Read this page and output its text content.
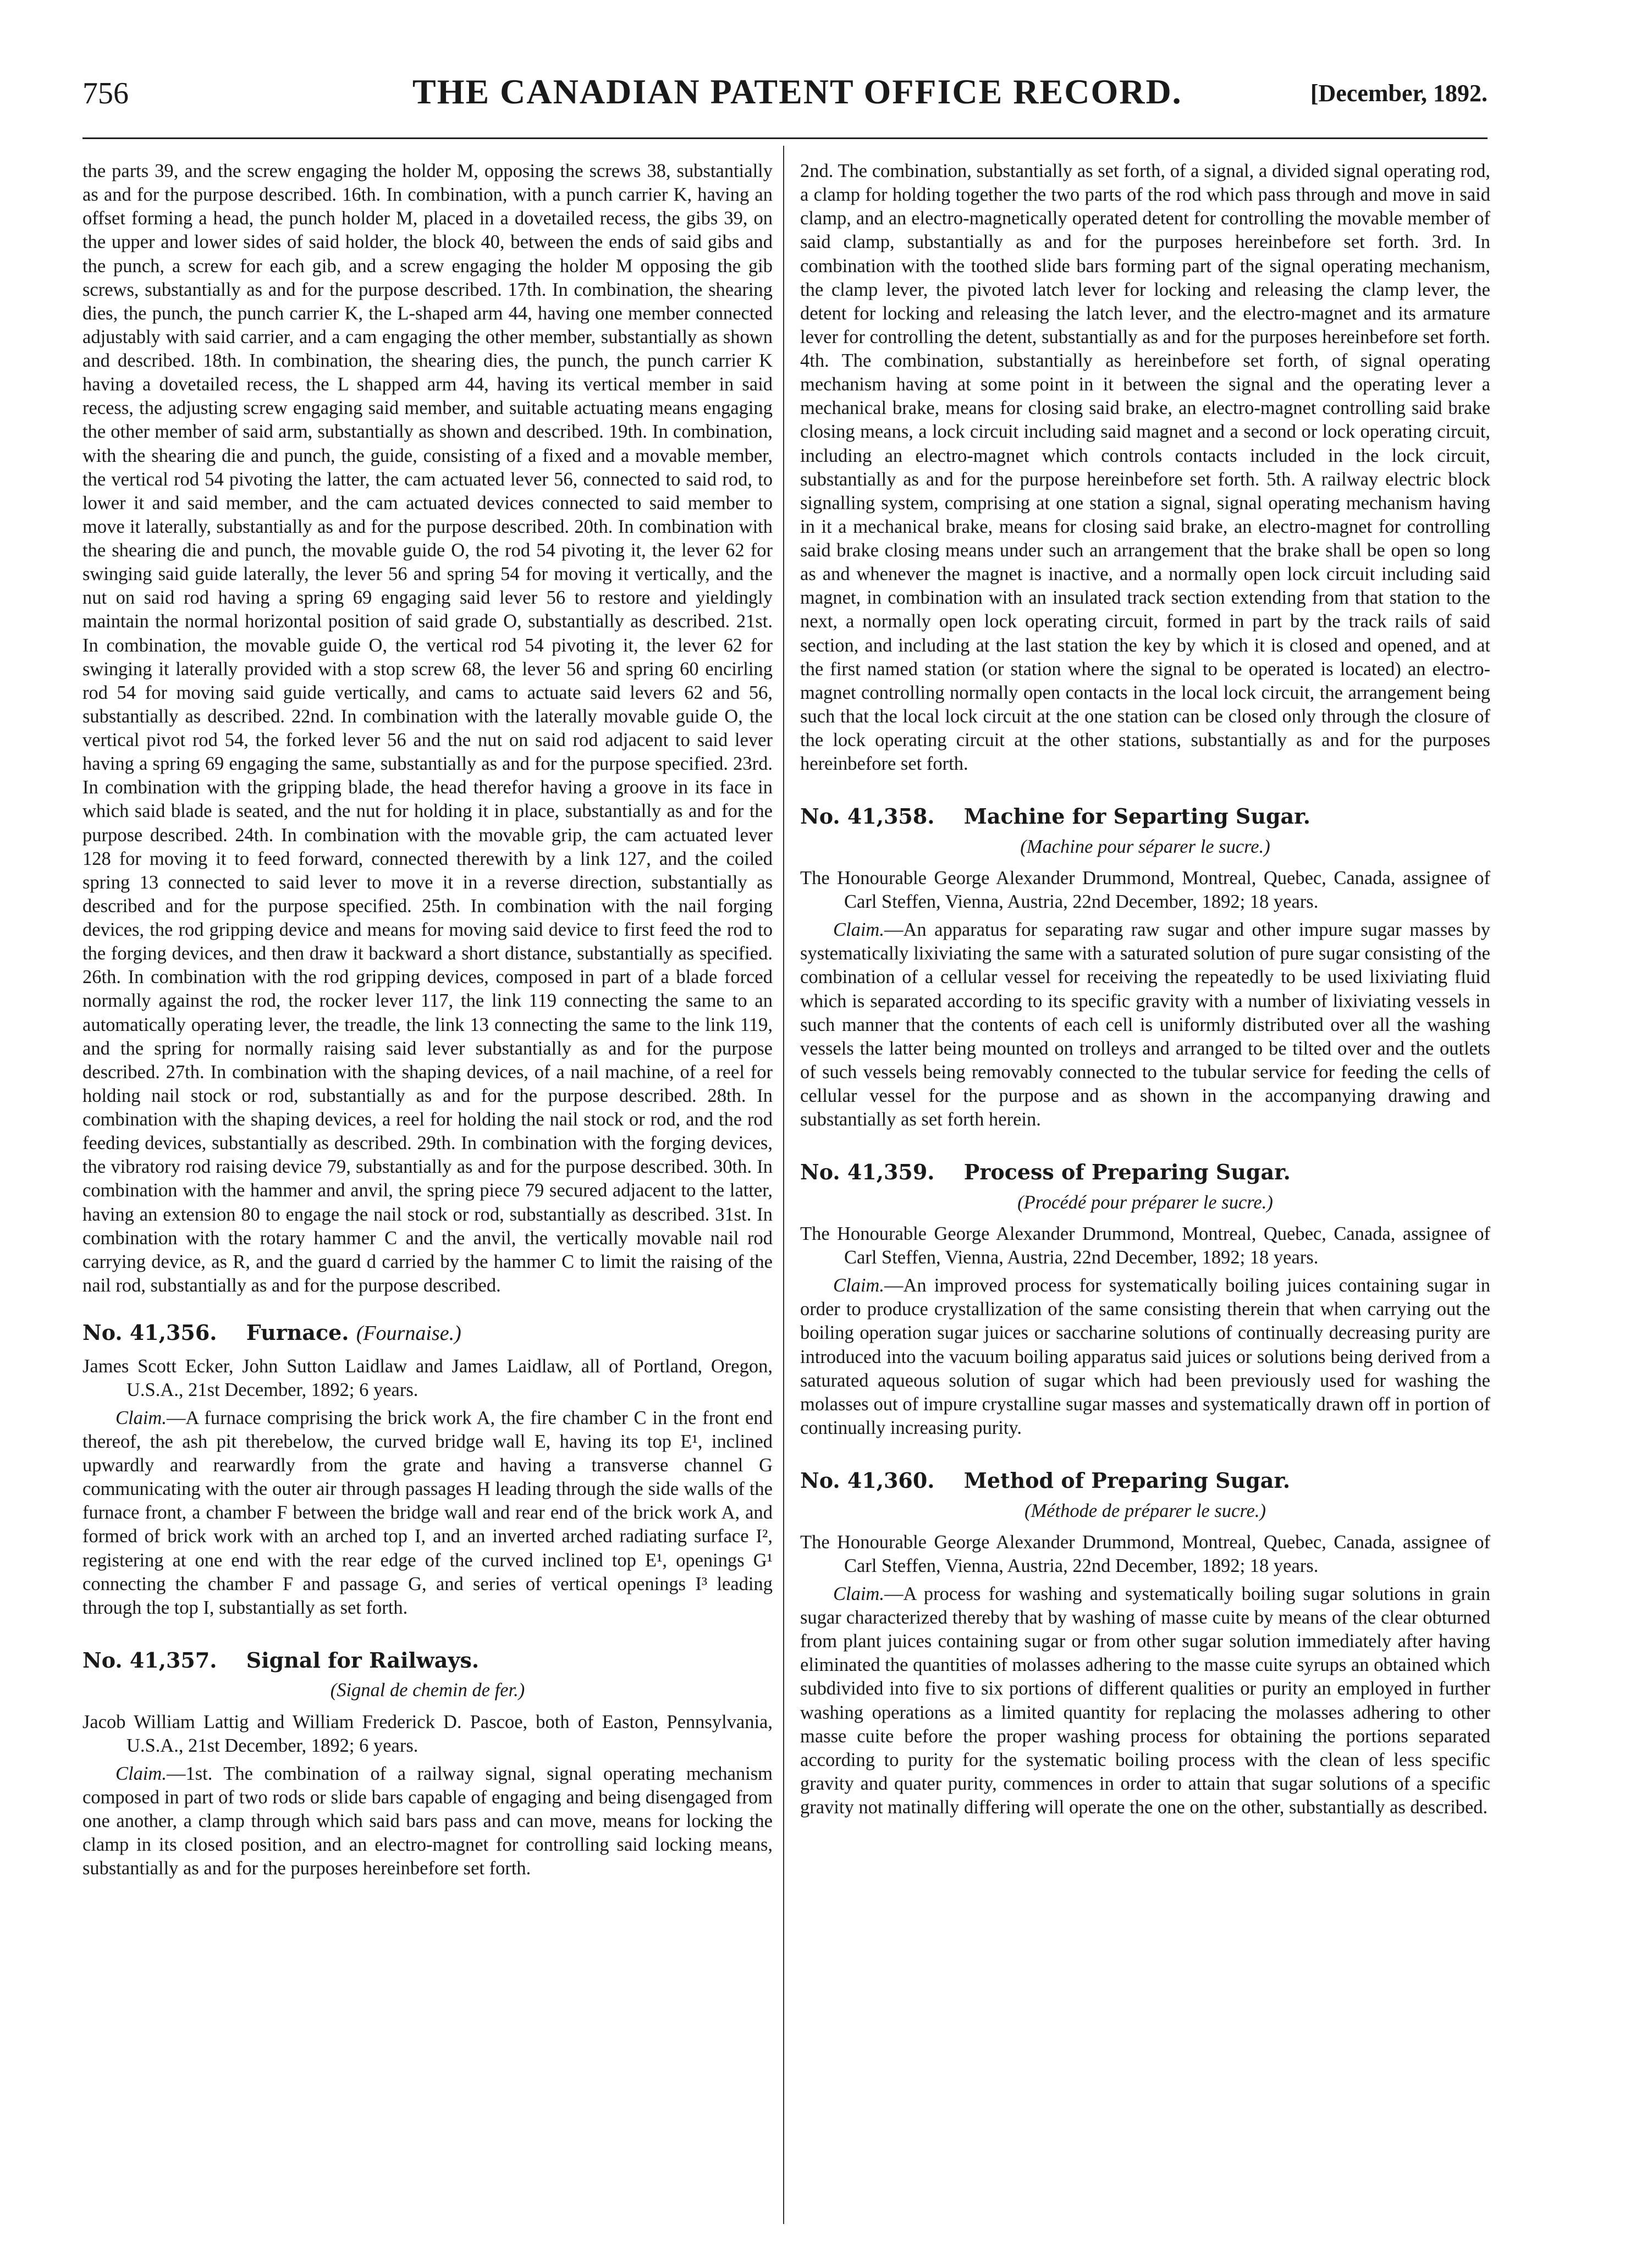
756	THE CANADIAN PATENT OFFICE RECORD.	[December, 1892.

the parts 39, and the screw engaging the holder M, opposing the screws 38, substantially as and for the purpose described. 16th. In combination, with a punch carrier K, having an offset forming a head, the punch holder M, placed in a dovetailed recess, the gibs 39, on the upper and lower sides of said holder, the block 40, between the ends of said gibs and the punch, a screw for each gib, and a screw engaging the holder M opposing the gib screws, substantially as and for the purpose described. 17th. In combination, the shearing dies, the punch, the punch carrier K, the L-shaped arm 44, having one member connected adjustably with said carrier, and a cam engaging the other member, substantially as shown and described. 18th. In combination, the shearing dies, the punch, the punch carrier K having a dovetailed recess, the L shapped arm 44, having its vertical member in said recess, the adjusting screw engaging said member, and suitable actuating means engaging the other member of said arm, substantially as shown and described. 19th. In combination, with the shearing die and punch, the guide, consisting of a fixed and a movable member, the vertical rod 54 pivoting the latter, the cam actuated lever 56, connected to said rod, to lower it and said member, and the cam actuated devices connected to said member to move it laterally, substantially as and for the purpose described. 20th. In combination with the shearing die and punch, the movable guide O, the rod 54 pivoting it, the lever 62 for swinging said guide laterally, the lever 56 and spring 54 for moving it vertically, and the nut on said rod having a spring 69 engaging said lever 56 to restore and yieldingly maintain the normal horizontal position of said grade O, substantially as described. 21st. In combination, the movable guide O, the vertical rod 54 pivoting it, the lever 62 for swinging it laterally provided with a stop screw 68, the lever 56 and spring 60 encirling rod 54 for moving said guide vertically, and cams to actuate said levers 62 and 56, substantially as described. 22nd. In combination with the laterally movable guide O, the vertical pivot rod 54, the forked lever 56 and the nut on said rod adjacent to said lever having a spring 69 engaging the same, substantially as and for the purpose specified. 23rd. In combination with the gripping blade, the head therefor having a groove in its face in which said blade is seated, and the nut for holding it in place, substantially as and for the purpose described. 24th. In combination with the movable grip, the cam actuated lever 128 for moving it to feed forward, connected therewith by a link 127, and the coiled spring 13 connected to said lever to move it in a reverse direction, substantially as described and for the purpose specified. 25th. In combination with the nail forging devices, the rod gripping device and means for moving said device to first feed the rod to the forging devices, and then draw it backward a short distance, substantially as specified. 26th. In combination with the rod gripping devices, composed in part of a blade forced normally against the rod, the rocker lever 117, the link 119 connecting the same to an automatically operating lever, the treadle, the link 13 connecting the same to the link 119, and the spring for normally raising said lever substantially as and for the purpose described. 27th. In combination with the shaping devices, of a nail machine, of a reel for holding nail stock or rod, substantially as and for the purpose described. 28th. In combination with the shaping devices, a reel for holding the nail stock or rod, and the rod feeding devices, substantially as described. 29th. In combination with the forging devices, the vibratory rod raising device 79, substantially as and for the purpose described. 30th. In combination with the hammer and anvil, the spring piece 79 secured adjacent to the latter, having an extension 80 to engage the nail stock or rod, substantially as described. 31st. In combination with the rotary hammer C and the anvil, the vertically movable nail rod carrying device, as R, and the guard d carried by the hammer C to limit the raising of the nail rod, substantially as and for the purpose described.

No. 41,356. Furnace. (Fournaise.)

James Scott Ecker, John Sutton Laidlaw and James Laidlaw, all of Portland, Oregon, U.S.A., 21st December, 1892; 6 years.

Claim.—A furnace comprising the brick work A, the fire chamber C in the front end thereof, the ash pit therebelow, the curved bridge wall E, having its top E¹, inclined upwardly and rearwardly from the grate and having a transverse channel G communicating with the outer air through passages H leading through the side walls of the furnace front, a chamber F between the bridge wall and rear end of the brick work A, and formed of brick work with an arched top I, and an inverted arched radiating surface I², registering at one end with the rear edge of the curved inclined top E¹, openings G¹ connecting the chamber F and passage G, and series of vertical openings I³ leading through the top I, substantially as set forth.

No. 41,357. Signal for Railways.
(Signal de chemin de fer.)

Jacob William Lattig and William Frederick D. Pascoe, both of Easton, Pennsylvania, U.S.A., 21st December, 1892; 6 years.

Claim.—1st. The combination of a railway signal, signal operating mechanism composed in part of two rods or slide bars capable of engaging and being disengaged from one another, a clamp through which said bars pass and can move, means for locking the clamp in its closed position, and an electro-magnet for controlling said locking means, substantially as and for the purposes hereinbefore set forth.

2nd. The combination, substantially as set forth, of a signal, a divided signal operating rod, a clamp for holding together the two parts of the rod which pass through and move in said clamp, and an electro-magnetically operated detent for controlling the movable member of said clamp, substantially as and for the purposes hereinbefore set forth. 3rd. In combination with the toothed slide bars forming part of the signal operating mechanism, the clamp lever, the pivoted latch lever for locking and releasing the clamp lever, the detent for locking and releasing the latch lever, and the electro-magnet and its armature lever for controlling the detent, substantially as and for the purposes hereinbefore set forth. 4th. The combination, substantially as hereinbefore set forth, of signal operating mechanism having at some point in it between the signal and the operating lever a mechanical brake, means for closing said brake, an electro-magnet controlling said brake closing means, a lock circuit including said magnet and a second or lock operating circuit, including an electro-magnet which controls contacts included in the lock circuit, substantially as and for the purpose hereinbefore set forth. 5th. A railway electric block signalling system, comprising at one station a signal, signal operating mechanism having in it a mechanical brake, means for closing said brake, an electro-magnet for controlling said brake closing means under such an arrangement that the brake shall be open so long as and whenever the magnet is inactive, and a normally open lock circuit including said magnet, in combination with an insulated track section extending from that station to the next, a normally open lock operating circuit, formed in part by the track rails of said section, and including at the last station the key by which it is closed and opened, and at the first named station (or station where the signal to be operated is located) an electro-magnet controlling normally open contacts in the local lock circuit, the arrangement being such that the local lock circuit at the one station can be closed only through the closure of the lock operating circuit at the other stations, substantially as and for the purposes hereinbefore set forth.

No. 41,358. Machine for Separting Sugar.
(Machine pour séparer le sucre.)

The Honourable George Alexander Drummond, Montreal, Quebec, Canada, assignee of Carl Steffen, Vienna, Austria, 22nd December, 1892; 18 years.

Claim.—An apparatus for separating raw sugar and other impure sugar masses by systematically lixiviating the same with a saturated solution of pure sugar consisting of the combination of a cellular vessel for receiving the repeatedly to be used lixiviating fluid which is separated according to its specific gravity with a number of lixiviating vessels in such manner that the contents of each cell is uniformly distributed over all the washing vessels the latter being mounted on trolleys and arranged to be tilted over and the outlets of such vessels being removably connected to the tubular service for feeding the cells of cellular vessel for the purpose and as shown in the accompanying drawing and substantially as set forth herein.

No. 41,359. Process of Preparing Sugar.
(Procédé pour préparer le sucre.)

The Honourable George Alexander Drummond, Montreal, Quebec, Canada, assignee of Carl Steffen, Vienna, Austria, 22nd December, 1892; 18 years.

Claim.—An improved process for systematically boiling juices containing sugar in order to produce crystallization of the same consisting therein that when carrying out the boiling operation sugar juices or saccharine solutions of continually decreasing purity are introduced into the vacuum boiling apparatus said juices or solutions being derived from a saturated aqueous solution of sugar which had been previously used for washing the molasses out of impure crystalline sugar masses and systematically drawn off in portion of continually increasing purity.

No. 41,360. Method of Preparing Sugar.
(Méthode de préparer le sucre.)

The Honourable George Alexander Drummond, Montreal, Quebec, Canada, assignee of Carl Steffen, Vienna, Austria, 22nd December, 1892; 18 years.

Claim.—A process for washing and systematically boiling sugar solutions in grain sugar characterized thereby that by washing of masse cuite by means of the clear obturned from plant juices containing sugar or from other sugar solution immediately after having eliminated the quantities of molasses adhering to the masse cuite syrups an obtained which subdivided into five to six portions of different qualities or purity an employed in further washing operations as a limited quantity for replacing the molasses adhering to other masse cuite before the proper washing process for obtaining the portions separated according to purity for the systematic boiling process with the clean of less specific gravity and quater purity, commences in order to attain that sugar solutions of a specific gravity not matinally differing will operate the one on the other, substantially as described.
